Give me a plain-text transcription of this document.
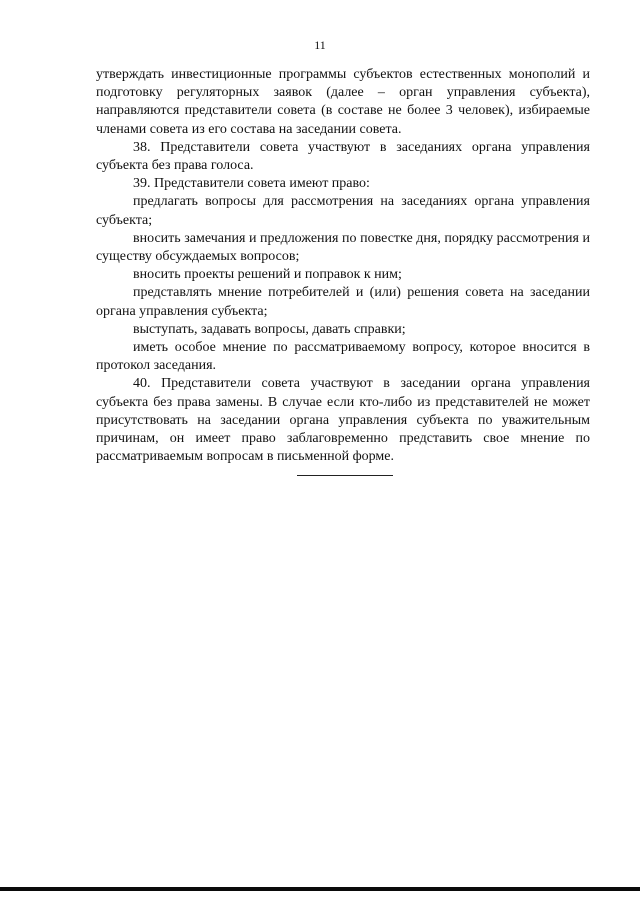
11

утверждать инвестиционные программы субъектов естественных монополий и подготовку регуляторных заявок (далее – орган управления субъекта), направляются представители совета (в составе не более 3 человек), избираемые членами совета из его состава на заседании совета.

38. Представители совета участвуют в заседаниях органа управления субъекта без права голоса.

39. Представители совета имеют право:

предлагать вопросы для рассмотрения на заседаниях органа управления субъекта;

вносить замечания и предложения по повестке дня, порядку рассмотрения и существу обсуждаемых вопросов;

вносить проекты решений и поправок к ним;

представлять мнение потребителей и (или) решения совета на заседании органа управления субъекта;

выступать, задавать вопросы, давать справки;

иметь особое мнение по рассматриваемому вопросу, которое вносится в протокол заседания.

40. Представители совета участвуют в заседании органа управления субъекта без права замены. В случае если кто-либо из представителей не может присутствовать на заседании органа управления субъекта по уважительным причинам, он имеет право заблаговременно представить свое мнение по рассматриваемым вопросам в письменной форме.
